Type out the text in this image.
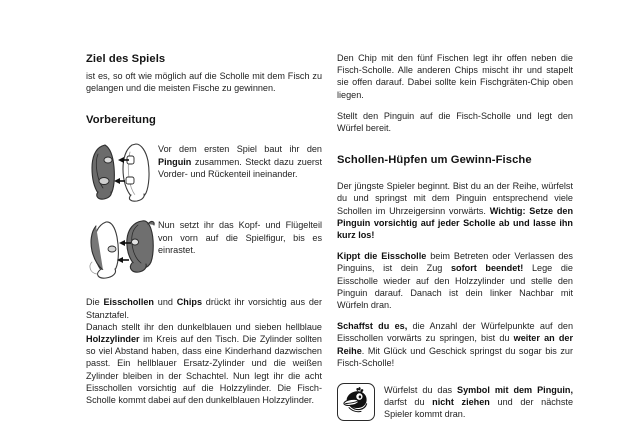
Ziel des Spiels

ist es, so oft wie möglich auf die Scholle mit dem Fisch zu gelangen und die meisten Fische zu gewinnen.

Vorbereitung
Vor dem ersten Spiel baut ihr den Pinguin zusammen. Steckt dazu zuerst Vorder- und Rückenteil ineinander.
Nun setzt ihr das Kopf- und Flügelteil von vorn auf die Spielfigur, bis es einrastet.

Die Eisschollen und Chips drückt ihr vorsichtig aus der Stanztafel.

Danach stellt ihr den dunkelblauen und sieben hellblaue Holzzylinder im Kreis auf den Tisch. Die Zylinder sollten so viel Abstand haben, dass eine Kinderhand dazwischen passt. Ein hellblauer Ersatz-Zylinder und die weißen Zylinder bleiben in der Schachtel. Nun legt ihr die acht Eisschollen vorsichtig auf die Holzzylinder. Die Fisch-Scholle kommt dabei auf den dunkelblauen Holzzylinder.

Den Chip mit den fünf Fischen legt ihr offen neben die Fisch-Scholle. Alle anderen Chips mischt ihr und stapelt sie offen darauf. Dabei sollte kein Fischgräten-Chip oben liegen.

Stellt den Pinguin auf die Fisch-Scholle und legt den Würfel bereit.

Schollen-Hüpfen um Gewinn-Fische

Der jüngste Spieler beginnt. Bist du an der Reihe, würfelst du und springst mit dem Pinguin entsprechend viele Schollen im Uhrzeigersinn vorwärts. Wichtig: Setze den Pinguin vorsichtig auf jeder Scholle ab und lasse ihn kurz los!

Kippt die Eisscholle beim Betreten oder Verlassen des Pinguins, ist dein Zug sofort beendet! Lege die Eisscholle wieder auf den Holzzylinder und stelle den Pinguin darauf. Danach ist dein linker Nachbar mit Würfeln dran.

Schaffst du es, die Anzahl der Würfelpunkte auf den Eisschollen vorwärts zu springen, bist du weiter an der Reihe. Mit Glück und Geschick springst du sogar bis zur Fisch-Scholle!

Würfelst du das Symbol mit dem Pinguin, darfst du nicht ziehen und der nächste Spieler kommt dran.
